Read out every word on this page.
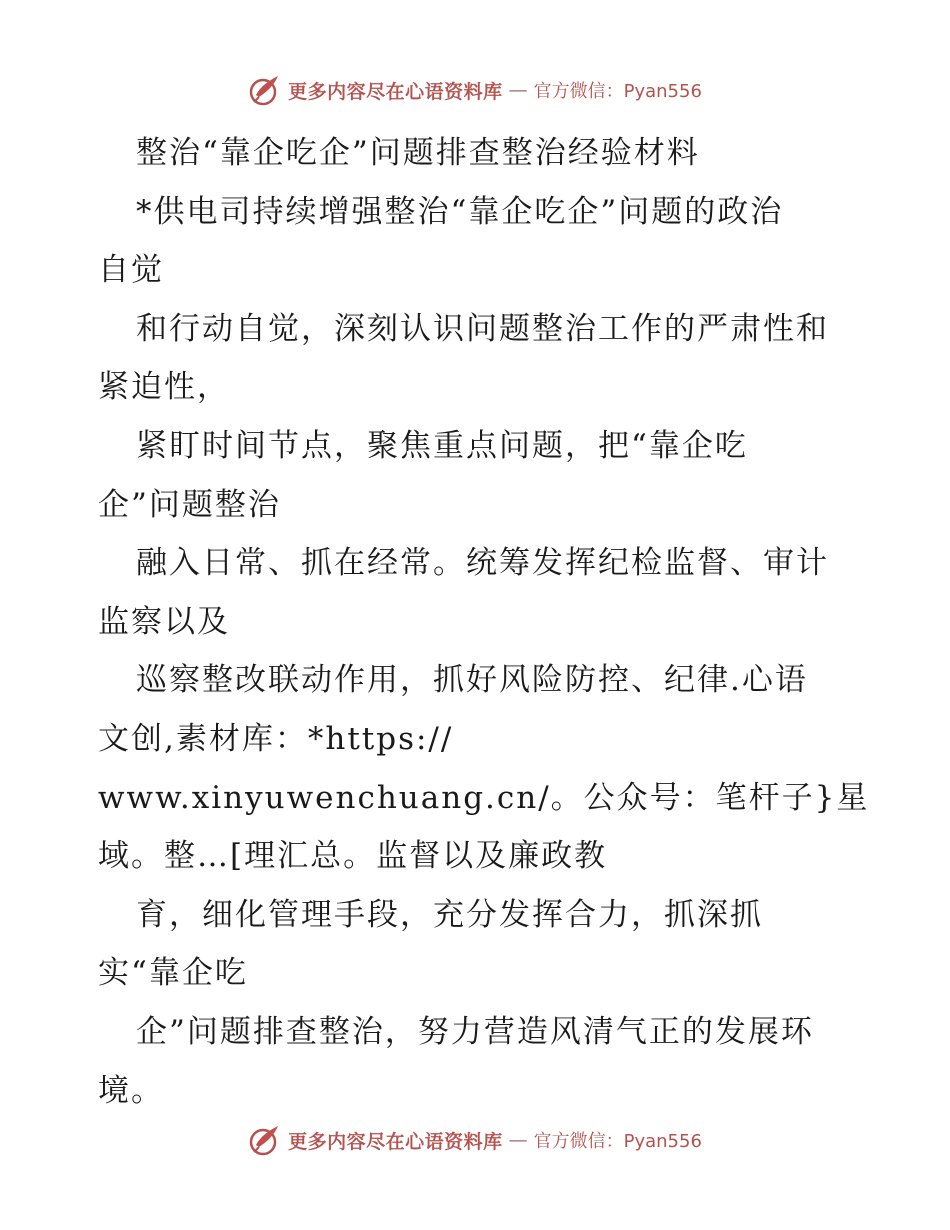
更多内容尽在心语资料库 — 官方微信：Pyan556
整治“靠企吃企”问题排查整治经验材料
*供电司持续增强整治“靠企吃企”问题的政治
自觉
和行动自觉，深刻认识问题整治工作的严肃性和
紧迫性，
紧盯时间节点，聚焦重点问题，把“靠企吃
企”问题整治
融入日常、抓在经常。统筹发挥纪检监督、审计
监察以及
巡察整改联动作用，抓好风险防控、纪律.心语
文创,素材库：*https://
www.xinyuwenchuang.cn/。公众号：笔杆子}星
域。整…[理汇总。监督以及廉政教
育，细化管理手段，充分发挥合力，抓深抓
实“靠企吃
企”问题排查整治，努力营造风清气正的发展环
境。
更多内容尽在心语资料库 — 官方微信：Pyan556
